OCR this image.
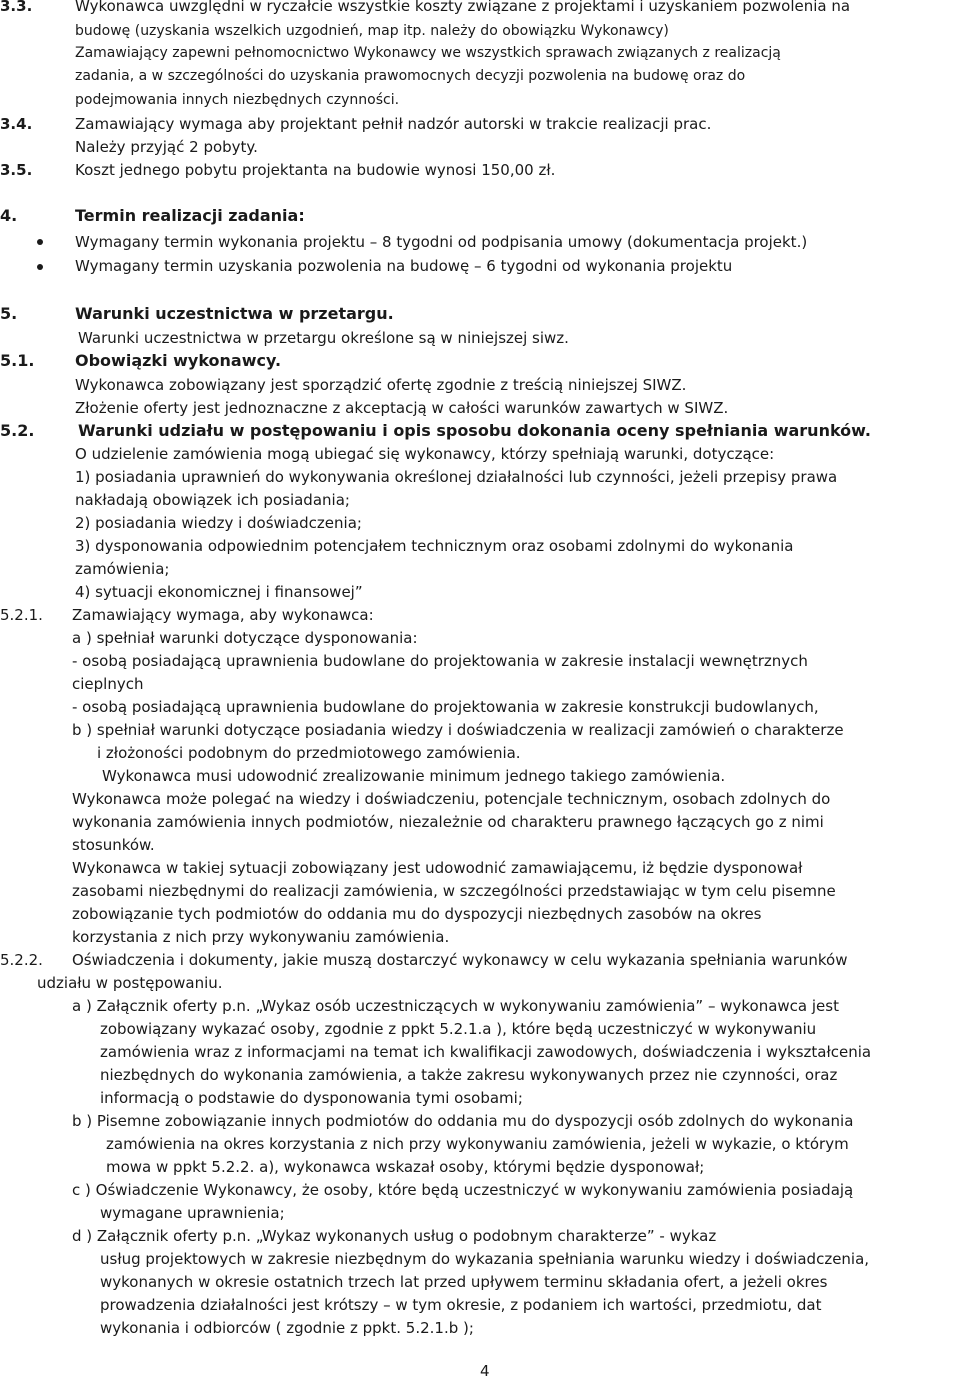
3.3.	Wykonawca uwzględni w ryczałcie wszystkie koszty związane z projektami i uzyskaniem pozwolenia na
budowę (uzyskania wszelkich uzgodnień, map itp. należy do obowiązku Wykonawcy)
Zamawiający zapewni pełnomocnictwo Wykonawcy we wszystkich sprawach związanych z realizacją
zadania, a w szczególności do uzyskania prawomocnych decyzji pozwolenia na budowę oraz do
podejmowania innych niezbędnych czynności.
3.4.	Zamawiający wymaga aby projektant pełnił nadzór autorski w trakcie realizacji prac.
Należy przyjąć 2 pobyty.
3.5.	Koszt jednego pobytu projektanta na budowie wynosi 150,00 zł.
4.	Termin realizacji zadania:
Wymagany termin wykonania projektu – 8 tygodni od podpisania umowy (dokumentacja projekt.)
Wymagany termin uzyskania pozwolenia na budowę – 6 tygodni od wykonania projektu
5.	Warunki uczestnictwa w przetargu.
Warunki uczestnictwa w przetargu określone są w niniejszej siwz.
5.1.	Obowiązki wykonawcy.
Wykonawca zobowiązany jest sporządzić ofertę zgodnie z treścią niniejszej SIWZ.
Złożenie oferty jest jednoznaczne z akceptacją w całości warunków zawartych w SIWZ.
5.2.	Warunki udziału w postępowaniu i opis sposobu dokonania oceny spełniania warunków.
O udzielenie zamówienia mogą ubiegać się wykonawcy, którzy spełniają warunki, dotyczące:
1) posiadania uprawnień do wykonywania określonej działalności lub czynności, jeżeli przepisy prawa
nakładają obowiązek ich posiadania;
2) posiadania wiedzy i doświadczenia;
3) dysponowania odpowiednim potencjałem technicznym oraz osobami zdolnymi do wykonania
zamówienia;
4) sytuacji ekonomicznej i finansowej”
5.2.1. Zamawiający wymaga, aby wykonawca:
a ) spełniał warunki dotyczące dysponowania:
- osobą posiadającą uprawnienia budowlane do projektowania w zakresie instalacji wewnętrznych
cieplnych
- osobą posiadającą uprawnienia budowlane do projektowania w zakresie konstrukcji budowlanych,
b ) spełniał warunki dotyczące posiadania wiedzy i doświadczenia w realizacji zamówień o charakterze
i złożoności podobnym do przedmiotowego zamówienia.
Wykonawca musi udowodnić zrealizowanie minimum jednego takiego zamówienia.
Wykonawca może polegać na wiedzy i doświadczeniu, potencjale technicznym, osobach zdolnych do
wykonania zamówienia innych podmiotów, niezależnie od charakteru prawnego łączących go z nimi
stosunków.
Wykonawca w takiej sytuacji zobowiązany jest udowodnić zamawiającemu, iż będzie dysponował
zasobami niezbędnymi do realizacji zamówienia, w szczególności przedstawiając w tym celu pisemne
zobowiązanie tych podmiotów do oddania mu do dyspozycji niezbędnych zasobów na okres
korzystania z nich przy wykonywaniu zamówienia.
5.2.2. Oświadczenia i dokumenty, jakie muszą dostarczyć wykonawcy w celu wykazania spełniania warunków
udziału w postępowaniu.
a ) Załącznik oferty p.n. „Wykaz osób uczestniczących w wykonywaniu zamówienia” – wykonawca jest
zobowiązany wykazać osoby, zgodnie z ppkt 5.2.1.a ), które będą uczestniczyć w wykonywaniu
zamówienia wraz z informacjami na temat ich kwalifikacji zawodowych, doświadczenia i wykształcenia
niezbędnych do wykonania zamówienia, a także zakresu wykonywanych przez nie czynności, oraz
informacją o podstawie do dysponowania tymi osobami;
b ) Pisemne zobowiązanie innych podmiotów do oddania mu do dyspozycji osób zdolnych do wykonania
zamówienia na okres korzystania z nich przy wykonywaniu zamówienia, jeżeli w wykazie, o którym
mowa w ppkt 5.2.2. a), wykonawca wskazał osoby, którymi będzie dysponował;
c ) Oświadczenie Wykonawcy, że osoby, które będą uczestniczyć w wykonywaniu zamówienia posiadają
wymagane uprawnienia;
d ) Załącznik oferty p.n. „Wykaz wykonanych usług o podobnym charakterze” - wykaz
usług projektowych w zakresie niezbędnym do wykazania spełniania warunku wiedzy i doświadczenia,
wykonanych w okresie ostatnich trzech lat przed upływem terminu składania ofert, a jeżeli okres
prowadzenia działalności jest krótszy – w tym okresie, z podaniem ich wartości, przedmiotu, dat
wykonania i odbiorców ( zgodnie z ppkt. 5.2.1.b );
4
